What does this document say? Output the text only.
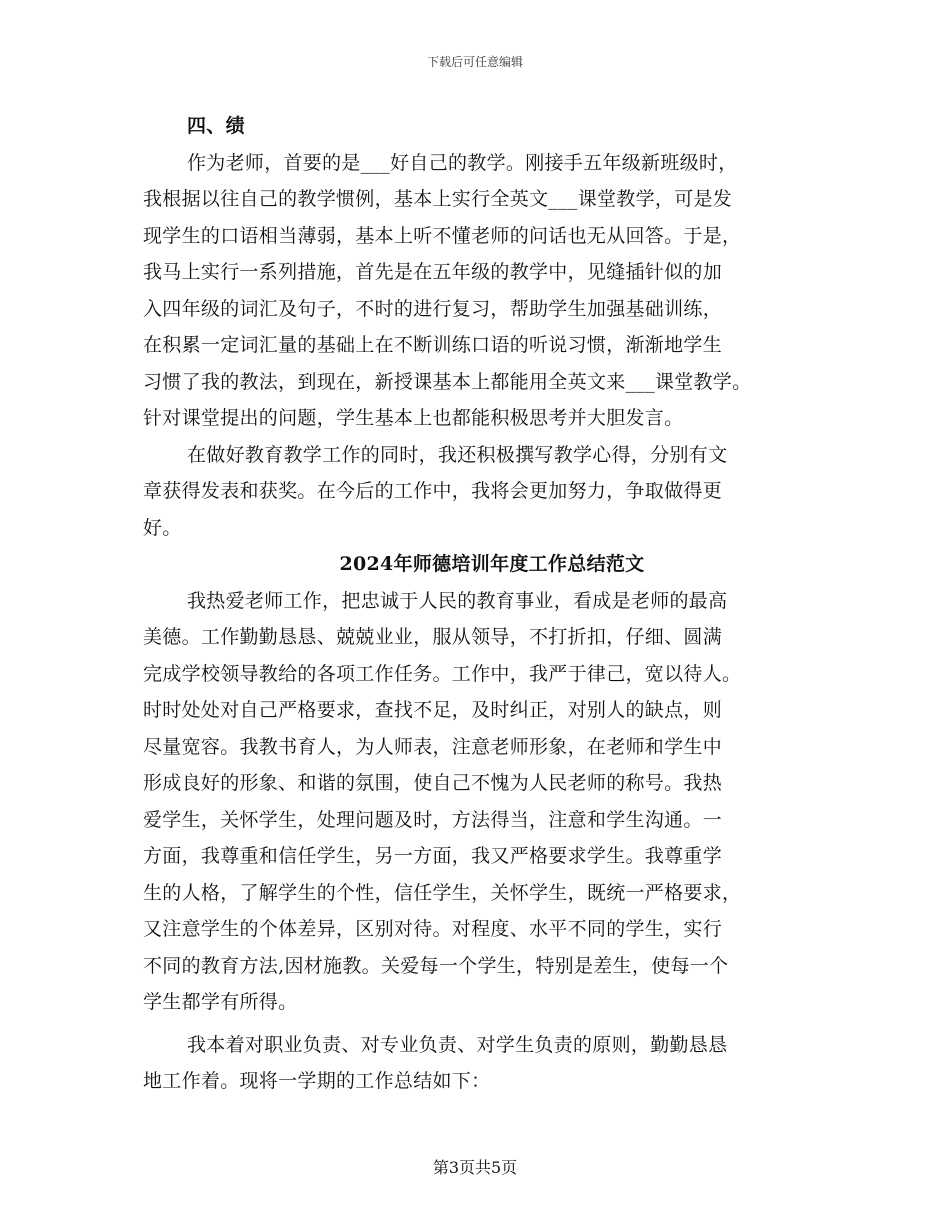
下载后可任意编辑
四、绩
作为老师，首要的是___好自己的教学。刚接手五年级新班级时，
我根据以往自己的教学惯例，基本上实行全英文___课堂教学，可是发
现学生的口语相当薄弱，基本上听不懂老师的问话也无从回答。于是，
我马上实行一系列措施，首先是在五年级的教学中，见缝插针似的加
入四年级的词汇及句子，不时的进行复习，帮助学生加强基础训练，
在积累一定词汇量的基础上在不断训练口语的听说习惯，渐渐地学生
习惯了我的教法，到现在，新授课基本上都能用全英文来___课堂教学。
针对课堂提出的问题，学生基本上也都能积极思考并大胆发言。
在做好教育教学工作的同时，我还积极撰写教学心得，分别有文
章获得发表和获奖。在今后的工作中，我将会更加努力，争取做得更
好。
2024年师德培训年度工作总结范文
我热爱老师工作，把忠诚于人民的教育事业，看成是老师的最高
美德。工作勤勤恳恳、兢兢业业，服从领导，不打折扣，仔细、圆满
完成学校领导教给的各项工作任务。工作中，我严于律己，宽以待人。
时时处处对自己严格要求，查找不足，及时纠正，对别人的缺点，则
尽量宽容。我教书育人，为人师表，注意老师形象，在老师和学生中
形成良好的形象、和谐的氛围，使自己不愧为人民老师的称号。我热
爱学生，关怀学生，处理问题及时，方法得当，注意和学生沟通。一
方面，我尊重和信任学生，另一方面，我又严格要求学生。我尊重学
生的人格，了解学生的个性，信任学生，关怀学生，既统一严格要求，
又注意学生的个体差异，区别对待。对程度、水平不同的学生，实行
不同的教育方法,因材施教。关爱每一个学生，特别是差生，使每一个
学生都学有所得。
我本着对职业负责、对专业负责、对学生负责的原则，勤勤恳恳
地工作着。现将一学期的工作总结如下：
第3页共5页
